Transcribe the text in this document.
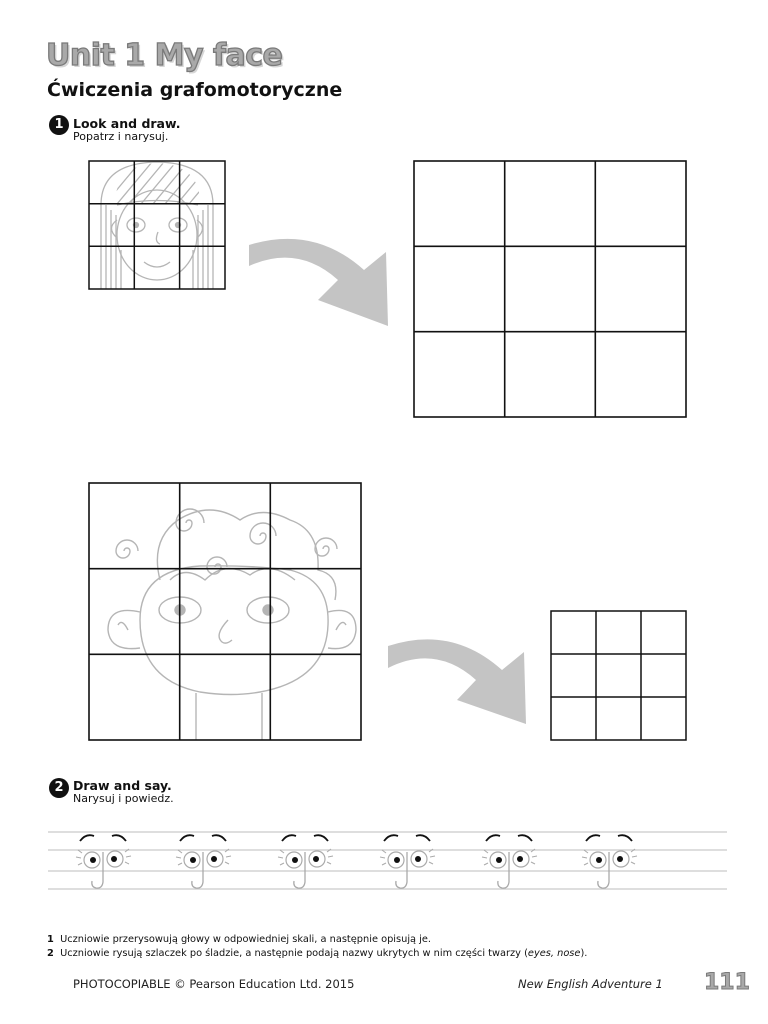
Unit 1 My face
Ćwiczenia grafomotoryczne
1 Look and draw.
Popatrz i narysuj.
2 Draw and say.
Narysuj i powiedz.
1 Uczniowie przerysowują głowy w odpowiedniej skali, a następnie opisują je.
2 Uczniowie rysują szlaczek po śladzie, a następnie podają nazwy ukrytych w nim części twarzy (eyes, nose).
PHOTOCOPIABLE © Pearson Education Ltd. 2015	New English Adventure 1 111
